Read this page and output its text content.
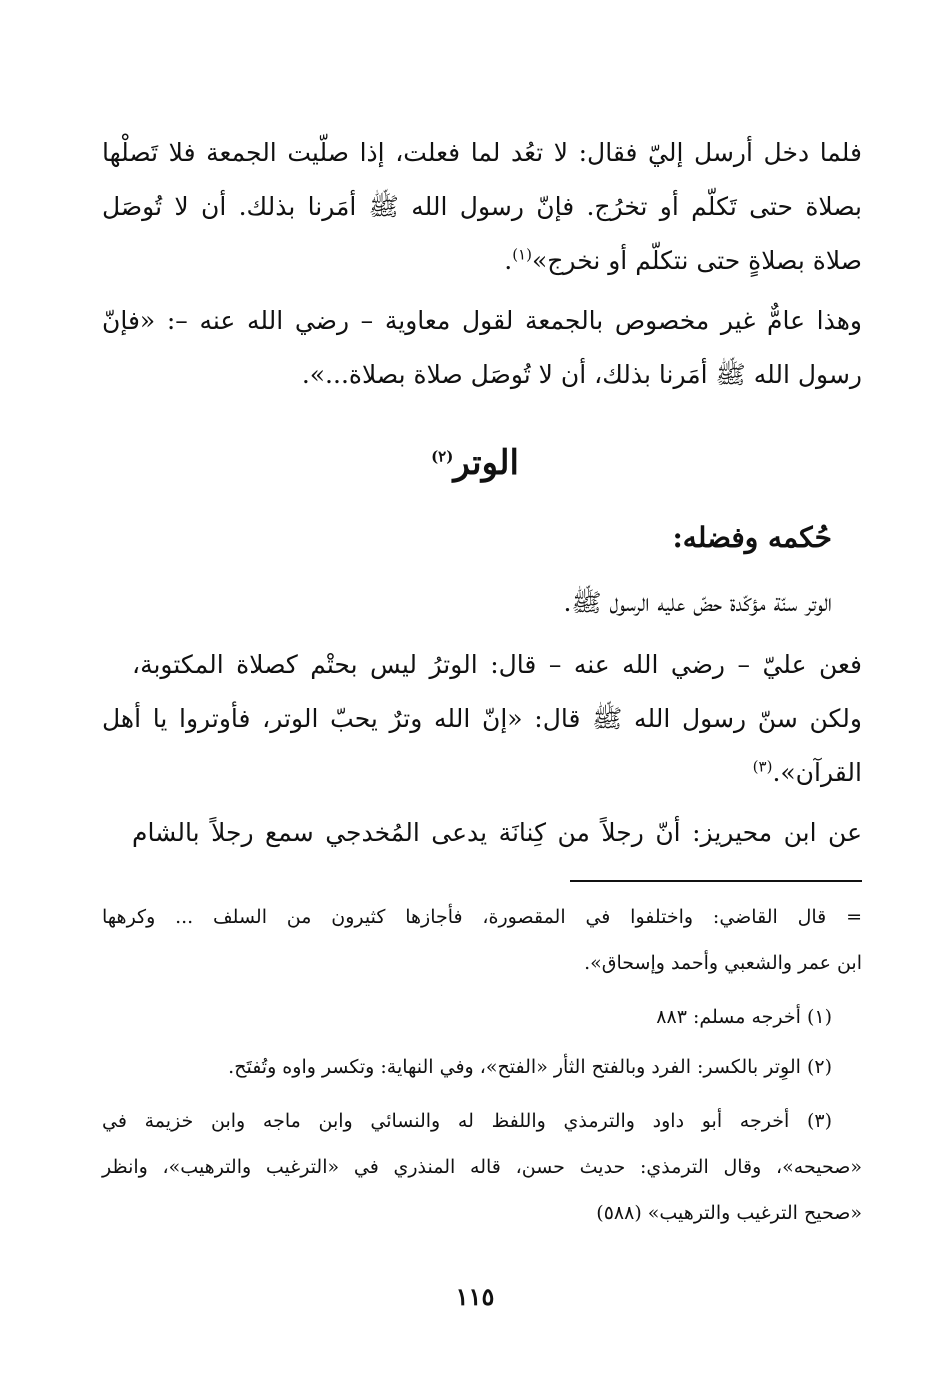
فلما دخل أرسل إليّ فقال: لا تعُد لما فعلت، إذا صلّيت الجمعة فلا تَصلْها
بصلاة حتى تَكلّم أو تخرُج. فإنّ رسول الله ﷺ أمَرنا بذلك. أن لا تُوصَل
صلاة بصلاةٍ حتى نتكلّم أو نخرج»$^{(١)}$.
وهذا عامٌّ غير مخصوص بالجمعة لقول معاوية – رضي الله عنه –: «فإنّ
رسول الله ﷺ أمَرنا بذلك، أن لا تُوصَل صلاة بصلاة...».
الوتر$^{(٢)}$
حُكمه وفضله:
الوتر سنّة مؤكّدة حضّ عليه الرسول ﷺ.
فعن عليّ – رضي الله عنه – قال: الوترُ ليس بحتْم كصلاة المكتوبة،
ولكن سنّ رسول الله ﷺ قال: «إنّ الله وترٌ يحبّ الوتر، فأوتروا يا أهل
القرآن».$^{(٣)}$
عن ابن محيريز: أنّ رجلاً من كِنانَة يدعى المُخدجي سمع رجلاً بالشام
= قال القاضي: واختلفوا في المقصورة، فأجازها كثيرون من السلف ... وكرهها
ابن عمر والشعبي وأحمد وإسحاق».
(١) أخرجه مسلم: ٨٨٣
(٢) الوِتر بالكسر: الفرد وبالفتح الثأر «الفتح»، وفي النهاية: وتكسر واوه وتُفتَح.
(٣) أخرجه أبو داود والترمذي واللفظ له والنسائي وابن ماجه وابن خزيمة في
«صحيحه»، وقال الترمذي: حديث حسن، قاله المنذري في «الترغيب والترهيب»، وانظر
«صحيح الترغيب والترهيب» (٥٨٨)
١١٥
